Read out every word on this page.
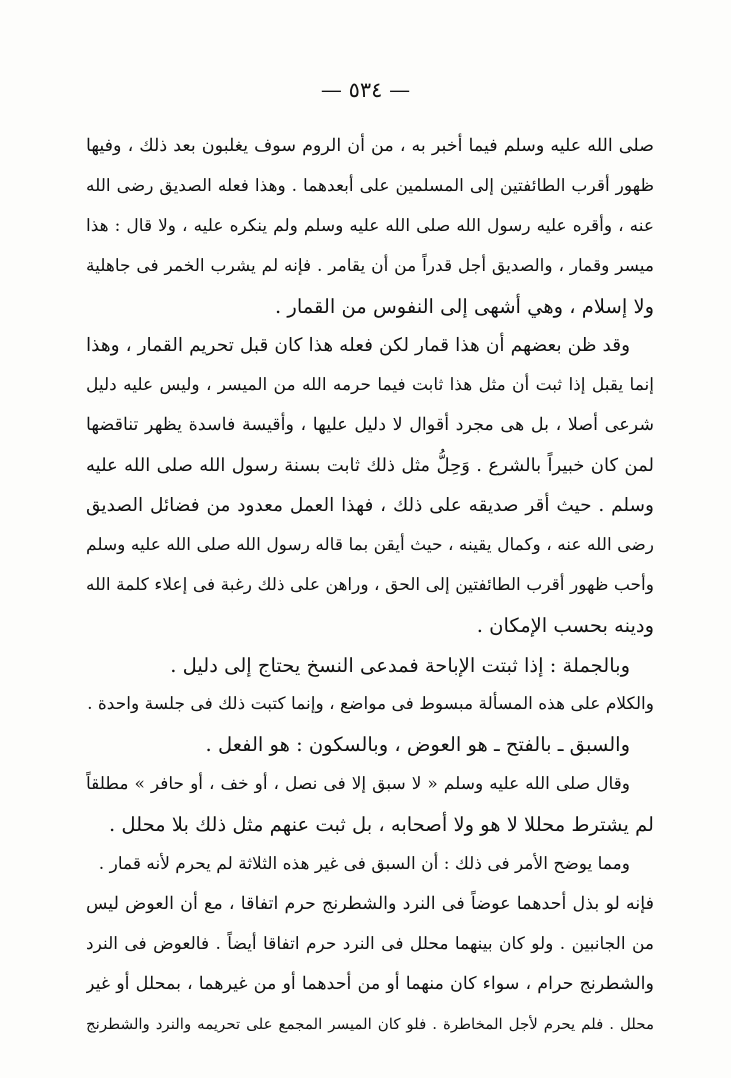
— ٥٣٤ —
صلى الله عليه وسلم فيما أخبر به ، من أن الروم سوف يغلبون بعد ذلك ، وفيها
ظهور أقرب الطائفتين إلى المسلمين على أبعدهما . وهذا فعله الصديق رضى الله
عنه ، وأقره عليه رسول الله صلى الله عليه وسلم ولم ينكره عليه ، ولا قال : هذا
ميسر وقمار ، والصديق أجل قدراً من أن يقامر . فإنه لم يشرب الخمر فى جاهلية
ولا إسلام ، وهي أشهى إلى النفوس من القمار .
وقد ظن بعضهم أن هذا قمار لكن فعله هذا كان قبل تحريم القمار ، وهذا
إنما يقبل إذا ثبت أن مثل هذا ثابت فيما حرمه الله من الميسر ، وليس عليه دليل
شرعى أصلا ، بل هى مجرد أقوال لا دليل عليها ، وأقيسة فاسدة يظهر تناقضها
لمن كان خبيراً بالشرع . وَحِلُّ مثل ذلك ثابت بسنة رسول الله صلى الله عليه
وسلم . حيث أقر صديقه على ذلك ، فهذا العمل معدود من فضائل الصديق
رضى الله عنه ، وكمال يقينه ، حيث أيقن بما قاله رسول الله صلى الله عليه وسلم
وأحب ظهور أقرب الطائفتين إلى الحق ، وراهن على ذلك رغبة فى إعلاء كلمة الله
ودينه بحسب الإمكان .
وبالجملة : إذا ثبتت الإباحة فمدعى النسخ يحتاج إلى دليل .
والكلام على هذه المسألة مبسوط فى مواضع ، وإنما كتبت ذلك فى جلسة واحدة .
والسبق ـ بالفتح ـ هو العوض ، وبالسكون : هو الفعل .
وقال صلى الله عليه وسلم « لا سبق إلا فى نصل ، أو خف ، أو حافر » مطلقاً
لم يشترط محللا لا هو ولا أصحابه ، بل ثبت عنهم مثل ذلك بلا محلل .
ومما يوضح الأمر فى ذلك : أن السبق فى غير هذه الثلاثة لم يحرم لأنه قمار .
فإنه لو بذل أحدهما عوضاً فى النرد والشطرنج حرم اتفاقا ، مع أن العوض ليس
من الجانبين . ولو كان بينهما محلل فى النرد حرم اتفاقا أيضاً . فالعوض فى النرد
والشطرنج حرام ، سواء كان منهما أو من أحدهما أو من غيرهما ، بمحلل أو غير
محلل . فلم يحرم لأجل المخاطرة . فلو كان الميسر المجمع على تحريمه والنرد والشطرنج
